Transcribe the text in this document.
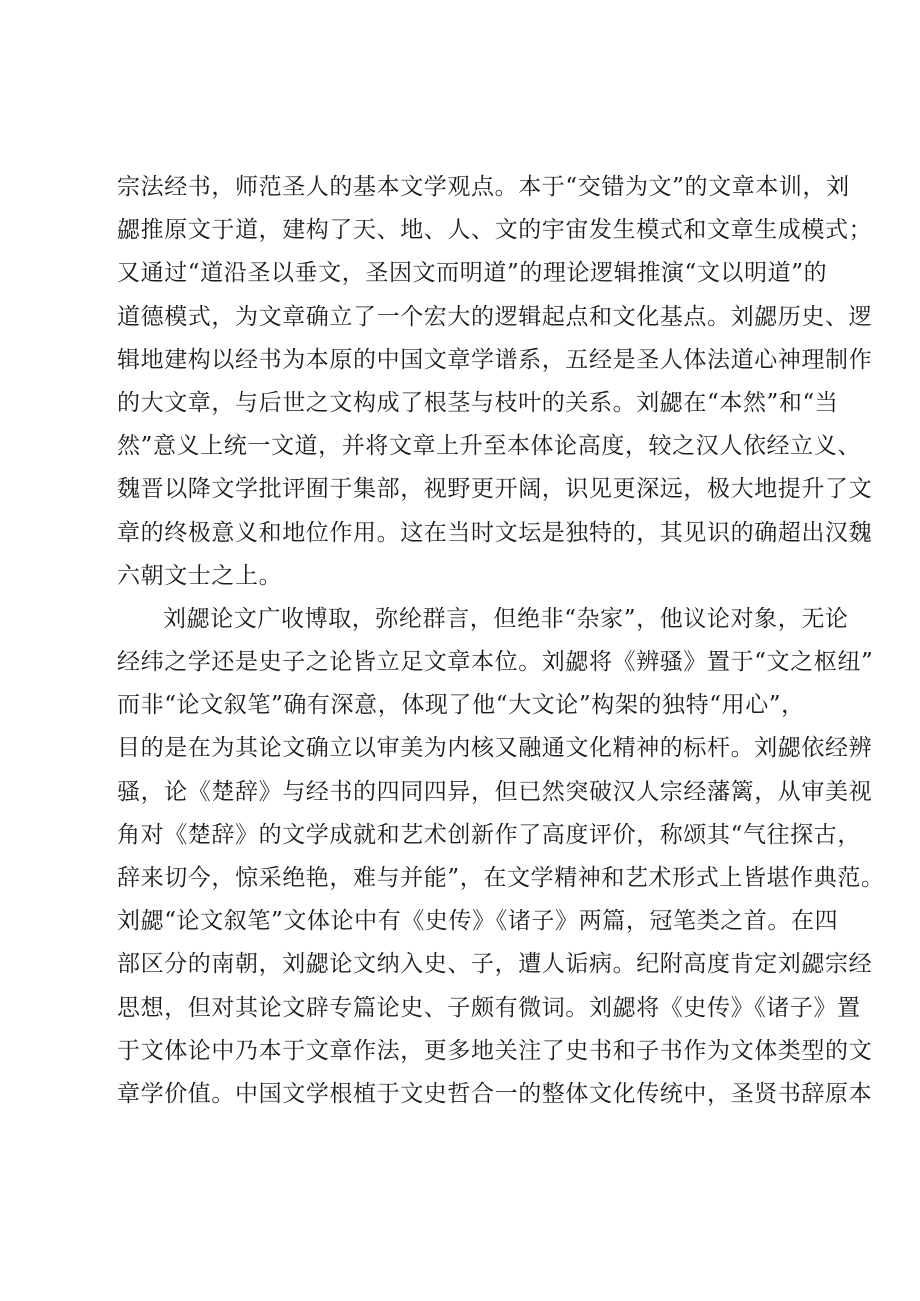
宗法经书，师范圣人的基本文学观点。本于“交错为文”的文章本训，刘
勰推原文于道，建构了天、地、人、文的宇宙发生模式和文章生成模式；
又通过“道沿圣以垂文，圣因文而明道”的理论逻辑推演“文以明道”的
道德模式，为文章确立了一个宏大的逻辑起点和文化基点。刘勰历史、逻
辑地建构以经书为本原的中国文章学谱系，五经是圣人体法道心神理制作
的大文章，与后世之文构成了根茎与枝叶的关系。刘勰在“本然”和“当
然”意义上统一文道，并将文章上升至本体论高度，较之汉人依经立义、
魏晋以降文学批评囿于集部，视野更开阔，识见更深远，极大地提升了文
章的终极意义和地位作用。这在当时文坛是独特的，其见识的确超出汉魏
六朝文士之上。
刘勰论文广收博取，弥纶群言，但绝非“杂家”，他议论对象，无论
经纬之学还是史子之论皆立足文章本位。刘勰将《辨骚》置于“文之枢纽”
而非“论文叙笔”确有深意，体现了他“大文论”构架的独特“用心”，
目的是在为其论文确立以审美为内核又融通文化精神的标杆。刘勰依经辨
骚，论《楚辞》与经书的四同四异，但已然突破汉人宗经藩篱，从审美视
角对《楚辞》的文学成就和艺术创新作了高度评价，称颂其“气往探古，
辞来切今，惊采绝艳，难与并能”，在文学精神和艺术形式上皆堪作典范。
刘勰“论文叙笔”文体论中有《史传》《诸子》两篇，冠笔类之首。在四
部区分的南朝，刘勰论文纳入史、子，遭人诟病。纪附高度肯定刘勰宗经
思想，但对其论文辟专篇论史、子颇有微词。刘勰将《史传》《诸子》置
于文体论中乃本于文章作法，更多地关注了史书和子书作为文体类型的文
章学价值。中国文学根植于文史哲合一的整体文化传统中，圣贤书辞原本
